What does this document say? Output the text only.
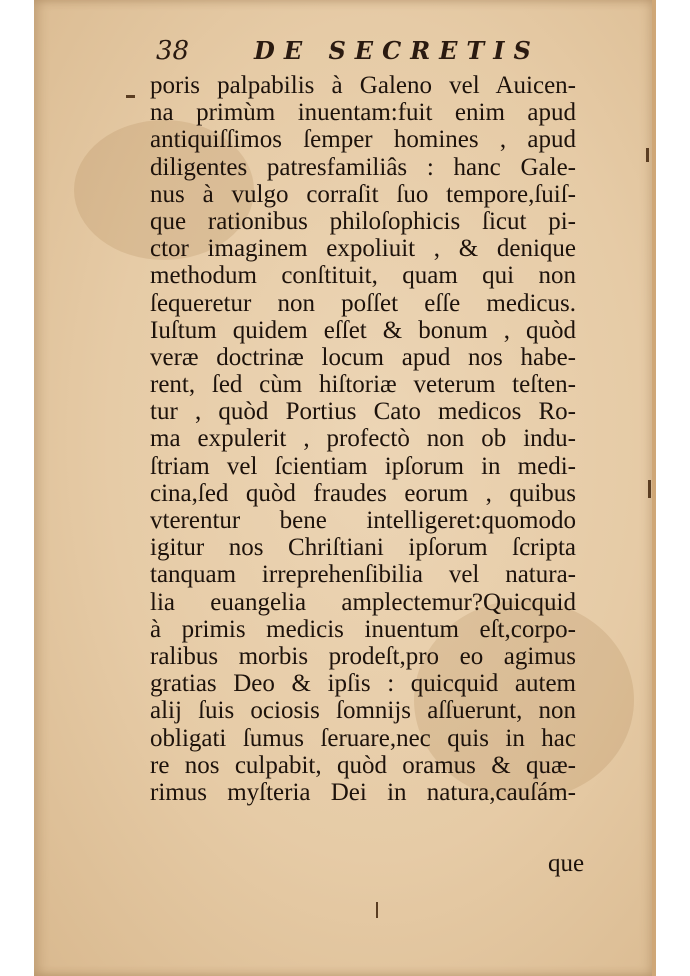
38	DE SECRETIS
poris palpabilis à Galeno vel Auicen-
na primùm inuentam:fuit enim apud
antiquiſſimos ſemper homines , apud
diligentes patresfamiliâs : hanc Gale-
nus à vulgo corraſit ſuo tempore,ſuiſ-
que rationibus philoſophicis ſicut pi-
ctor imaginem expoliuit , & denique
methodum conſtituit, quam qui non
ſequeretur non poſſet eſſe medicus.
Iuſtum quidem eſſet & bonum , quòd
veræ doctrinæ locum apud nos habe-
rent, ſed cùm hiſtoriæ veterum teſten-
tur , quòd Portius Cato medicos Ro-
ma expulerit , profectò non ob indu-
ſtriam vel ſcientiam ipſorum in medi-
cina,ſed quòd fraudes eorum , quibus
vterentur bene intelligeret:quomodo
igitur nos Chriſtiani ipſorum ſcripta
tanquam irreprehenſibilia vel natura-
lia euangelia amplectemur?Quicquid
à primis medicis inuentum eſt,corpo-
ralibus morbis prodeſt,pro eo agimus
gratias Deo & ipſis : quicquid autem
alij ſuis ociosis ſomnijs aſſuerunt, non
obligati ſumus ſeruare,nec quis in hac
re nos culpabit, quòd oramus & quæ-
rimus myſteria Dei in natura,cauſám-
que
